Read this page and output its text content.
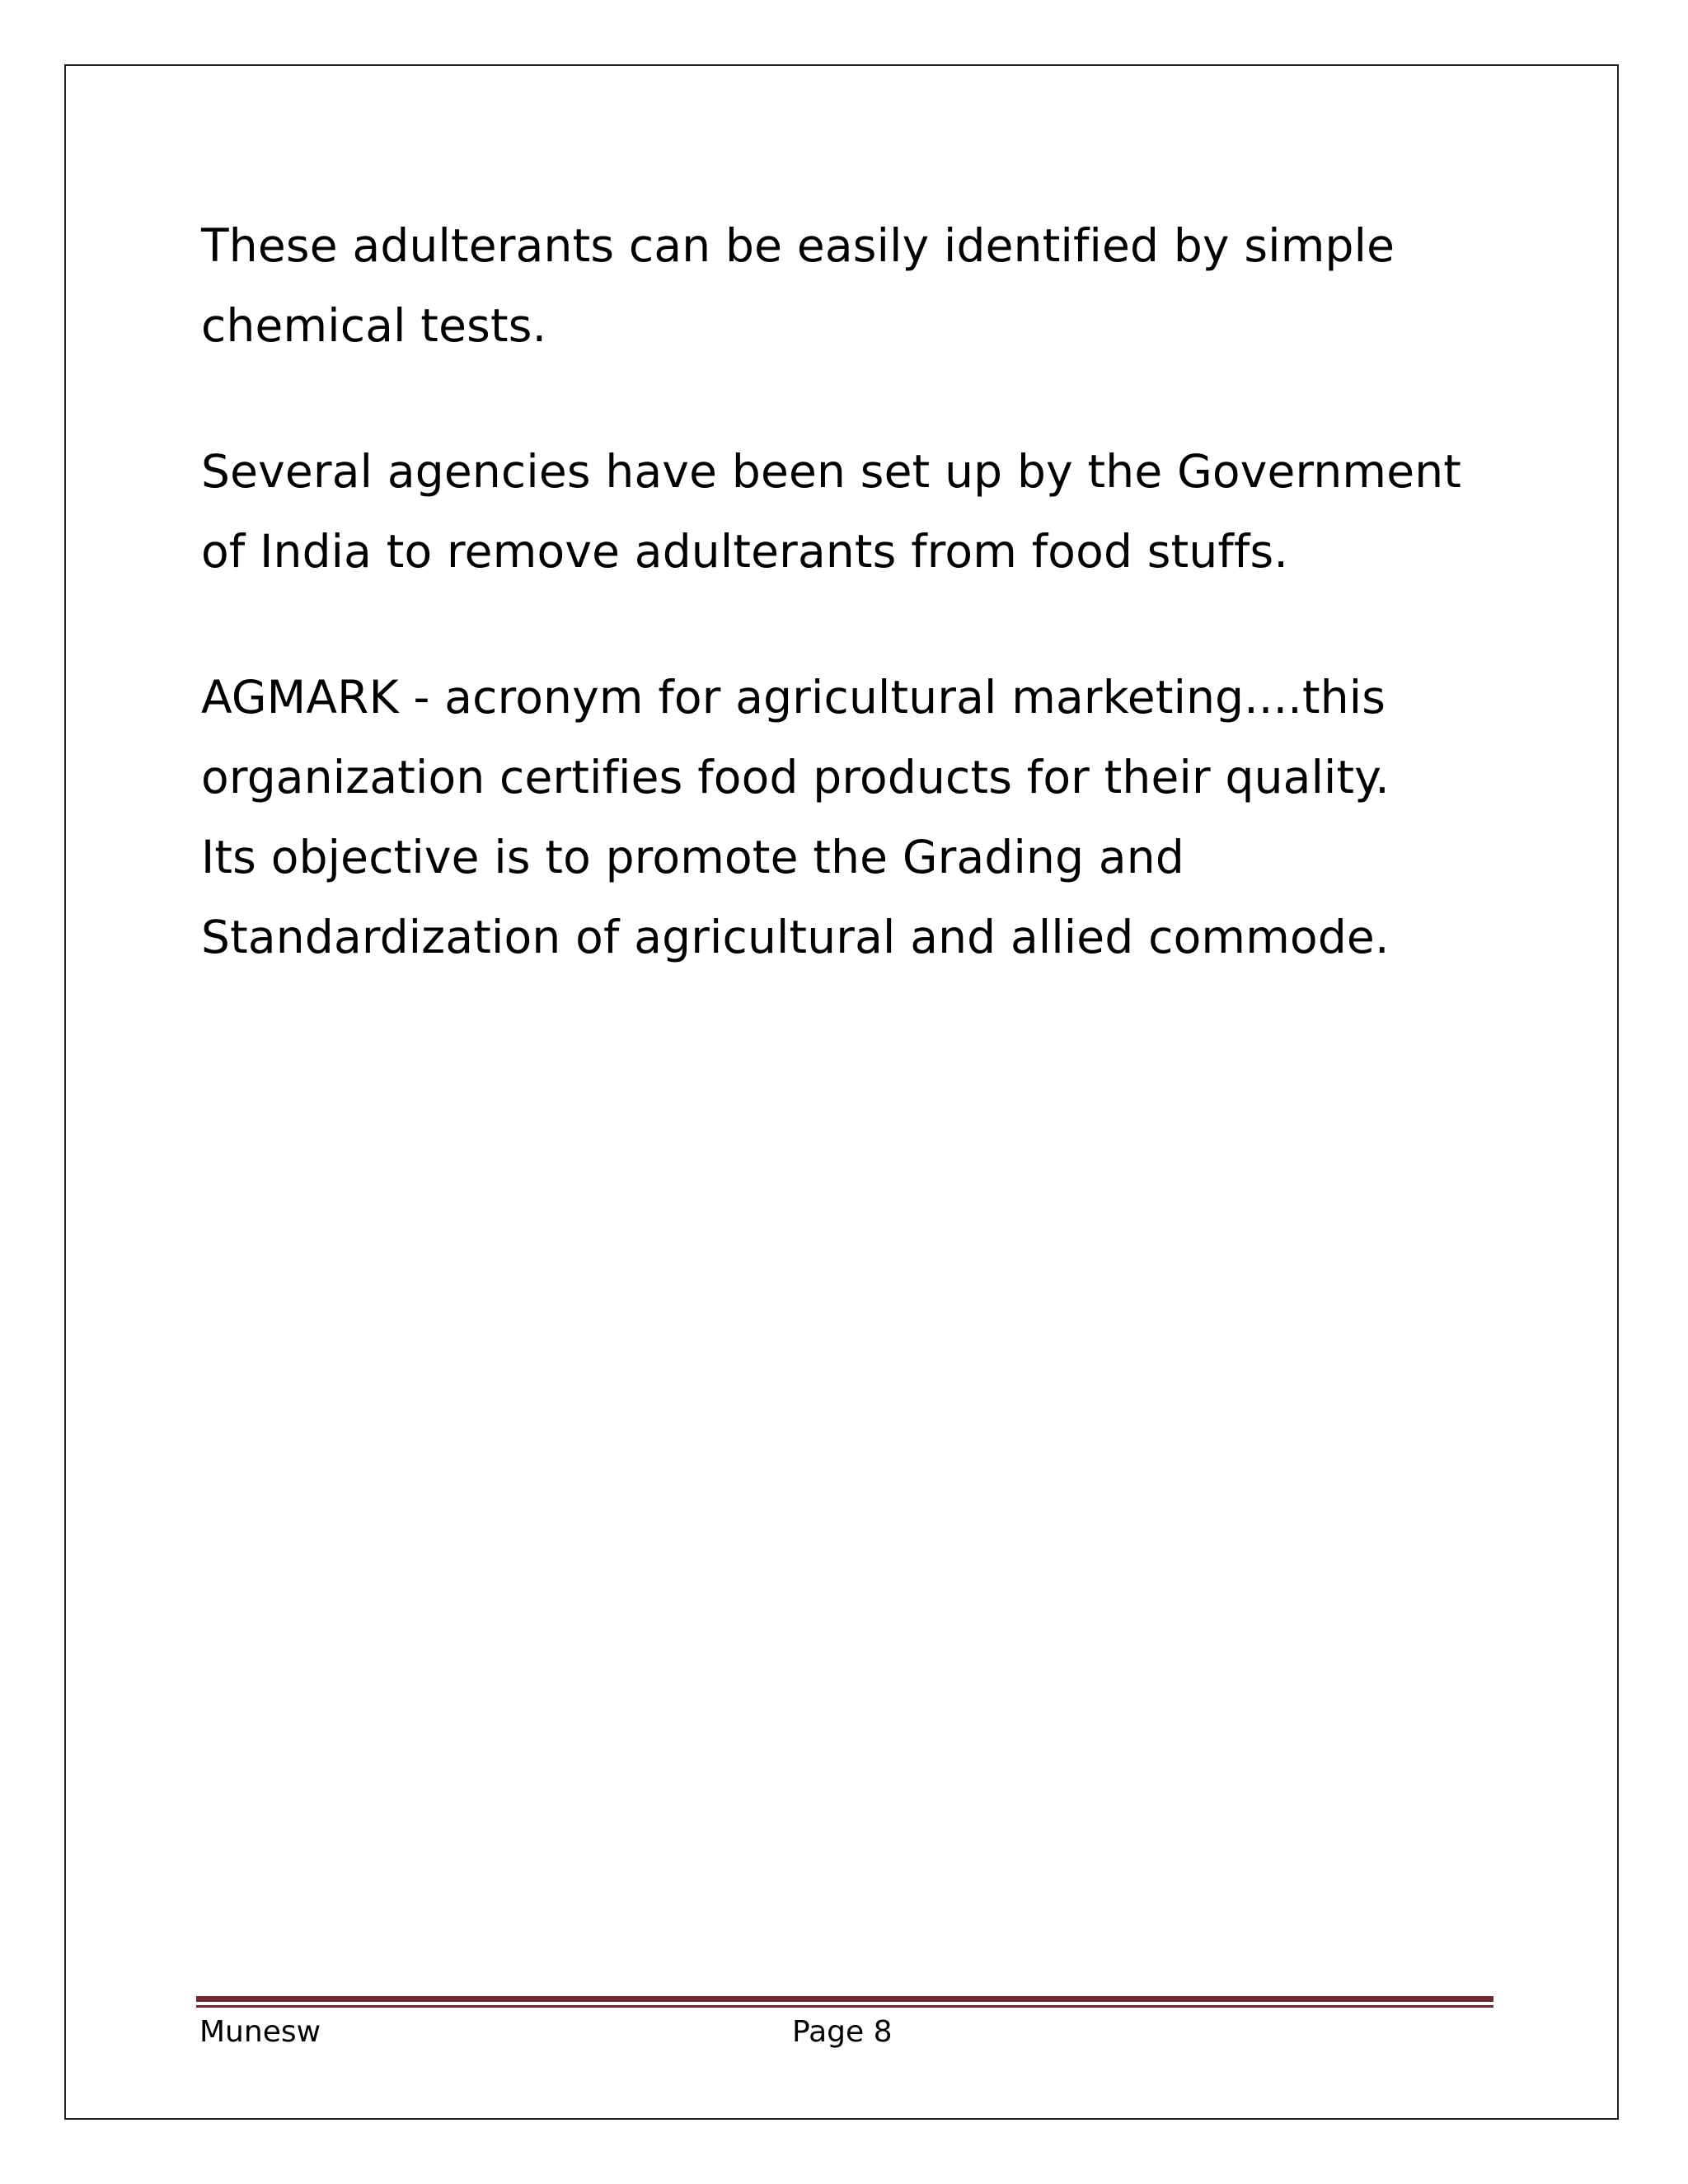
These adulterants can be easily identified by simple
chemical tests.

Several agencies have been set up by the Government
of India to remove adulterants from food stuffs.

AGMARK - acronym for agricultural marketing....this
organization certifies food products for their quality.
Its objective is to promote the Grading and
Standardization of agricultural and allied commode.

Munesw	Page 8
